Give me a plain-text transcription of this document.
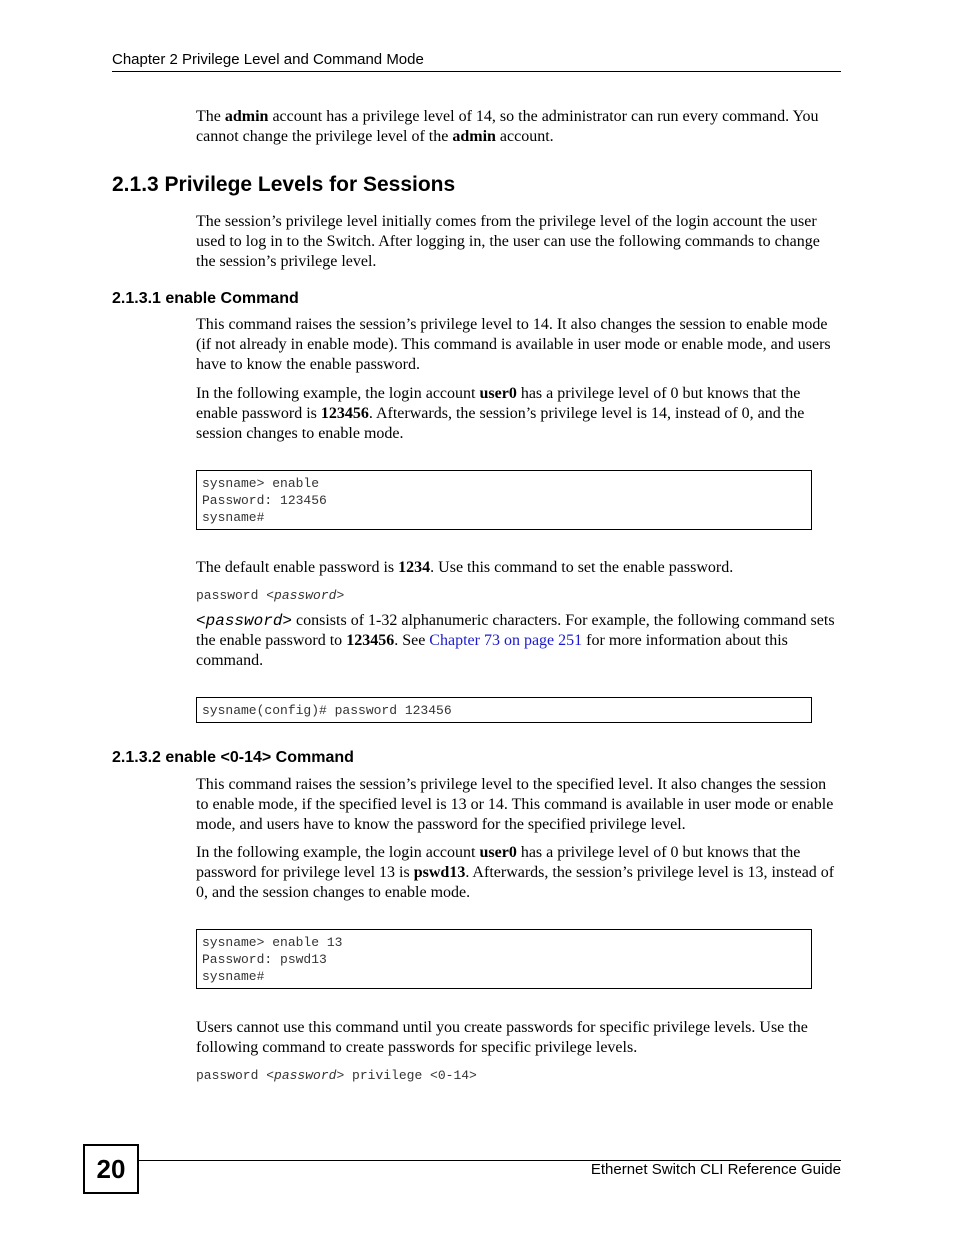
Chapter 2 Privilege Level and Command Mode
The admin account has a privilege level of 14, so the administrator can run every command. You cannot change the privilege level of the admin account.
2.1.3 Privilege Levels for Sessions
The session’s privilege level initially comes from the privilege level of the login account the user used to log in to the Switch. After logging in, the user can use the following commands to change the session’s privilege level.
2.1.3.1 enable Command
This command raises the session’s privilege level to 14. It also changes the session to enable mode (if not already in enable mode). This command is available in user mode or enable mode, and users have to know the enable password.
In the following example, the login account user0 has a privilege level of 0 but knows that the enable password is 123456. Afterwards, the session’s privilege level is 14, instead of 0, and the session changes to enable mode.
sysname> enable
Password: 123456
sysname#
The default enable password is 1234. Use this command to set the enable password.
password <password>
<password> consists of 1-32 alphanumeric characters. For example, the following command sets the enable password to 123456. See Chapter 73 on page 251 for more information about this command.
sysname(config)# password 123456
2.1.3.2 enable <0-14> Command
This command raises the session’s privilege level to the specified level. It also changes the session to enable mode, if the specified level is 13 or 14. This command is available in user mode or enable mode, and users have to know the password for the specified privilege level.
In the following example, the login account user0 has a privilege level of 0 but knows that the password for privilege level 13 is pswd13. Afterwards, the session’s privilege level is 13, instead of 0, and the session changes to enable mode.
sysname> enable 13
Password: pswd13
sysname#
Users cannot use this command until you create passwords for specific privilege levels. Use the following command to create passwords for specific privilege levels.
password <password> privilege <0-14>
20	Ethernet Switch CLI Reference Guide
